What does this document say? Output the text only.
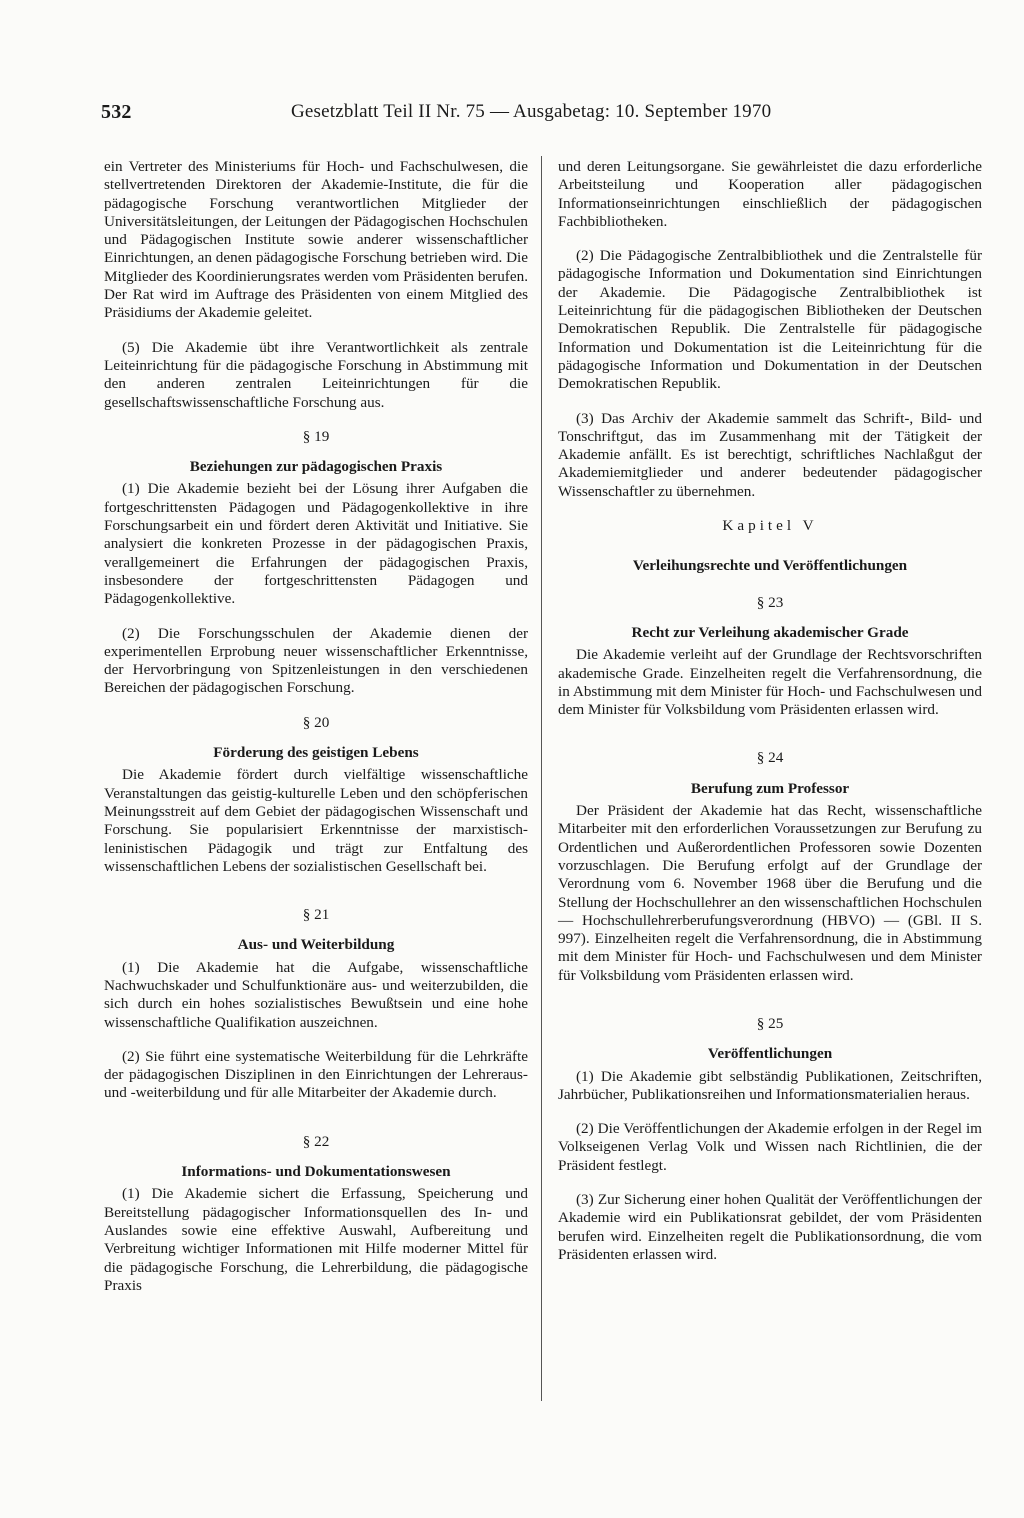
532	Gesetzblatt Teil II Nr. 75 — Ausgabetag: 10. September 1970

ein Vertreter des Ministeriums für Hoch- und Fachschulwesen, die stellvertretenden Direktoren der Akademie-Institute, die für die pädagogische Forschung verantwortlichen Mitglieder der Universitätsleitungen, der Leitungen der Pädagogischen Hochschulen und Pädagogischen Institute sowie anderer wissenschaftlicher Einrichtungen, an denen pädagogische Forschung betrieben wird. Die Mitglieder des Koordinierungsrates werden vom Präsidenten berufen. Der Rat wird im Auftrage des Präsidenten von einem Mitglied des Präsidiums der Akademie geleitet.

(5) Die Akademie übt ihre Verantwortlichkeit als zentrale Leiteinrichtung für die pädagogische Forschung in Abstimmung mit den anderen zentralen Leiteinrichtungen für die gesellschaftswissenschaftliche Forschung aus.

§ 19
Beziehungen zur pädagogischen Praxis

(1) Die Akademie bezieht bei der Lösung ihrer Aufgaben die fortgeschrittensten Pädagogen und Pädagogenkollektive in ihre Forschungsarbeit ein und fördert deren Aktivität und Initiative. Sie analysiert die konkreten Prozesse in der pädagogischen Praxis, verallgemeinert die Erfahrungen der pädagogischen Praxis, insbesondere der fortgeschrittensten Pädagogen und Pädagogenkollektive.

(2) Die Forschungsschulen der Akademie dienen der experimentellen Erprobung neuer wissenschaftlicher Erkenntnisse, der Hervorbringung von Spitzenleistungen in den verschiedenen Bereichen der pädagogischen Forschung.

§ 20
Förderung des geistigen Lebens

Die Akademie fördert durch vielfältige wissenschaftliche Veranstaltungen das geistig-kulturelle Leben und den schöpferischen Meinungsstreit auf dem Gebiet der pädagogischen Wissenschaft und Forschung. Sie popularisiert Erkenntnisse der marxistisch-leninistischen Pädagogik und trägt zur Entfaltung des wissenschaftlichen Lebens der sozialistischen Gesellschaft bei.

§ 21
Aus- und Weiterbildung

(1) Die Akademie hat die Aufgabe, wissenschaftliche Nachwuchskader und Schulfunktionäre aus- und weiterzubilden, die sich durch ein hohes sozialistisches Bewußtsein und eine hohe wissenschaftliche Qualifikation auszeichnen.

(2) Sie führt eine systematische Weiterbildung für die Lehrkräfte der pädagogischen Disziplinen in den Einrichtungen der Lehreraus- und -weiterbildung und für alle Mitarbeiter der Akademie durch.

§ 22
Informations- und Dokumentationswesen

(1) Die Akademie sichert die Erfassung, Speicherung und Bereitstellung pädagogischer Informationsquellen des In- und Auslandes sowie eine effektive Auswahl, Aufbereitung und Verbreitung wichtiger Informationen mit Hilfe moderner Mittel für die pädagogische Forschung, die Lehrerbildung, die pädagogische Praxis

und deren Leitungsorgane. Sie gewährleistet die dazu erforderliche Arbeitsteilung und Kooperation aller pädagogischen Informationseinrichtungen einschließlich der pädagogischen Fachbibliotheken.

(2) Die Pädagogische Zentralbibliothek und die Zentralstelle für pädagogische Information und Dokumentation sind Einrichtungen der Akademie. Die Pädagogische Zentralbibliothek ist Leiteinrichtung für die pädagogischen Bibliotheken der Deutschen Demokratischen Republik. Die Zentralstelle für pädagogische Information und Dokumentation ist die Leiteinrichtung für die pädagogische Information und Dokumentation in der Deutschen Demokratischen Republik.

(3) Das Archiv der Akademie sammelt das Schrift-, Bild- und Tonschriftgut, das im Zusammenhang mit der Tätigkeit der Akademie anfällt. Es ist berechtigt, schriftliches Nachlaßgut der Akademiemitglieder und anderer bedeutender pädagogischer Wissenschaftler zu übernehmen.

Kapitel V
Verleihungsrechte und Veröffentlichungen
§ 23
Recht zur Verleihung akademischer Grade

Die Akademie verleiht auf der Grundlage der Rechtsvorschriften akademische Grade. Einzelheiten regelt die Verfahrensordnung, die in Abstimmung mit dem Minister für Hoch- und Fachschulwesen und dem Minister für Volksbildung vom Präsidenten erlassen wird.

§ 24
Berufung zum Professor

Der Präsident der Akademie hat das Recht, wissenschaftliche Mitarbeiter mit den erforderlichen Voraussetzungen zur Berufung zu Ordentlichen und Außerordentlichen Professoren sowie Dozenten vorzuschlagen. Die Berufung erfolgt auf der Grundlage der Verordnung vom 6. November 1968 über die Berufung und die Stellung der Hochschullehrer an den wissenschaftlichen Hochschulen — Hochschullehrerberufungsverordnung (HBVO) — (GBl. II S. 997). Einzelheiten regelt die Verfahrensordnung, die in Abstimmung mit dem Minister für Hoch- und Fachschulwesen und dem Minister für Volksbildung vom Präsidenten erlassen wird.

§ 25
Veröffentlichungen

(1) Die Akademie gibt selbständig Publikationen, Zeitschriften, Jahrbücher, Publikationsreihen und Informationsmaterialien heraus.

(2) Die Veröffentlichungen der Akademie erfolgen in der Regel im Volkseigenen Verlag Volk und Wissen nach Richtlinien, die der Präsident festlegt.

(3) Zur Sicherung einer hohen Qualität der Veröffentlichungen der Akademie wird ein Publikationsrat gebildet, der vom Präsidenten berufen wird. Einzelheiten regelt die Publikationsordnung, die vom Präsidenten erlassen wird.
